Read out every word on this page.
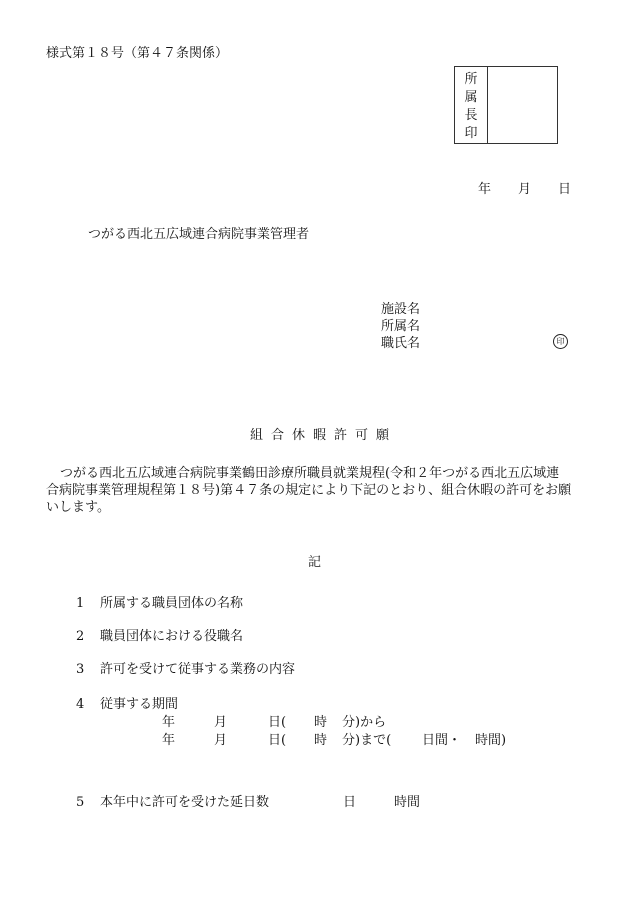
様式第１８号（第４７条関係）
所
属
長
印
年 月 日
つがる西北五広域連合病院事業管理者
施設名
所属名
職氏名	印
組合休暇許可願
つがる西北五広域連合病院事業鶴田診療所職員就業規程(令和２年つがる西北五広域連
合病院事業管理規程第１８号)第４７条の規定により下記のとおり、組合休暇の許可をお願
いします。
記
1 所属する職員団体の名称
2 職員団体における役職名
3 許可を受けて従事する業務の内容
4 従事する期間
年	月	日( 時 分)から
年	月	日( 時 分)まで( 日間・ 時間)
5 本年中に許可を受けた延日数	日	時間
